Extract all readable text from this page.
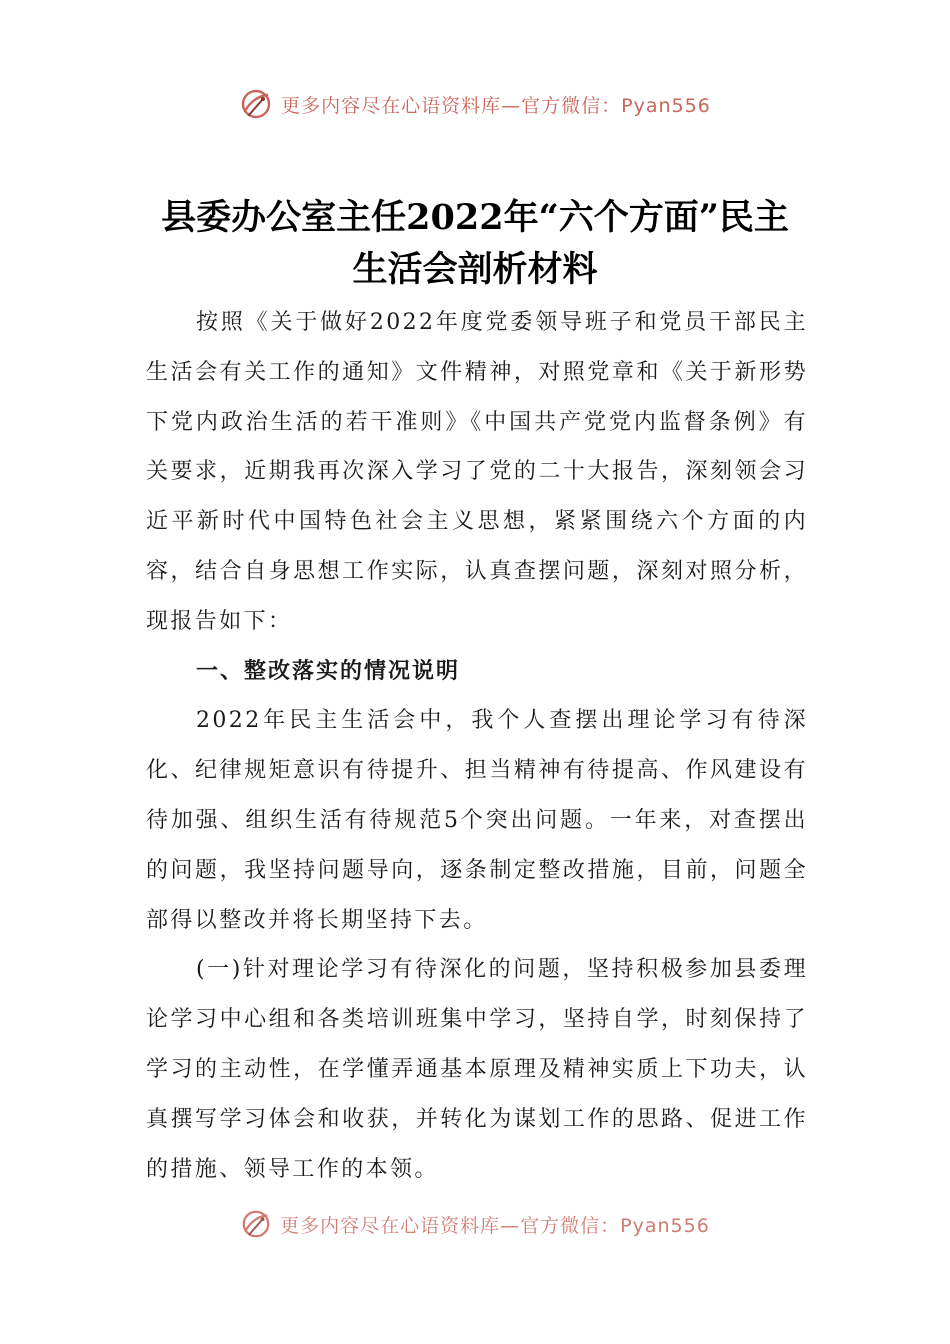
更多内容尽在心语资料库—官方微信：Pyan556
县委办公室主任2022年“六个方面”民主
生活会剖析材料

按照《关于做好2022年度党委领导班子和党员干部民主生活会有关工作的通知》文件精神，对照党章和《关于新形势下党内政治生活的若干准则》《中国共产党党内监督条例》有关要求，近期我再次深入学习了党的二十大报告，深刻领会习近平新时代中国特色社会主义思想，紧紧围绕六个方面的内容，结合自身思想工作实际，认真查摆问题，深刻对照分析，现报告如下：

一、整改落实的情况说明

2022年民主生活会中，我个人查摆出理论学习有待深化、纪律规矩意识有待提升、担当精神有待提高、作风建设有待加强、组织生活有待规范5个突出问题。一年来，对查摆出的问题，我坚持问题导向，逐条制定整改措施，目前，问题全部得以整改并将长期坚持下去。

(一)针对理论学习有待深化的问题，坚持积极参加县委理论学习中心组和各类培训班集中学习，坚持自学，时刻保持了学习的主动性，在学懂弄通基本原理及精神实质上下功夫，认真撰写学习体会和收获，并转化为谋划工作的思路、促进工作的措施、领导工作的本领。

更多内容尽在心语资料库—官方微信：Pyan556
